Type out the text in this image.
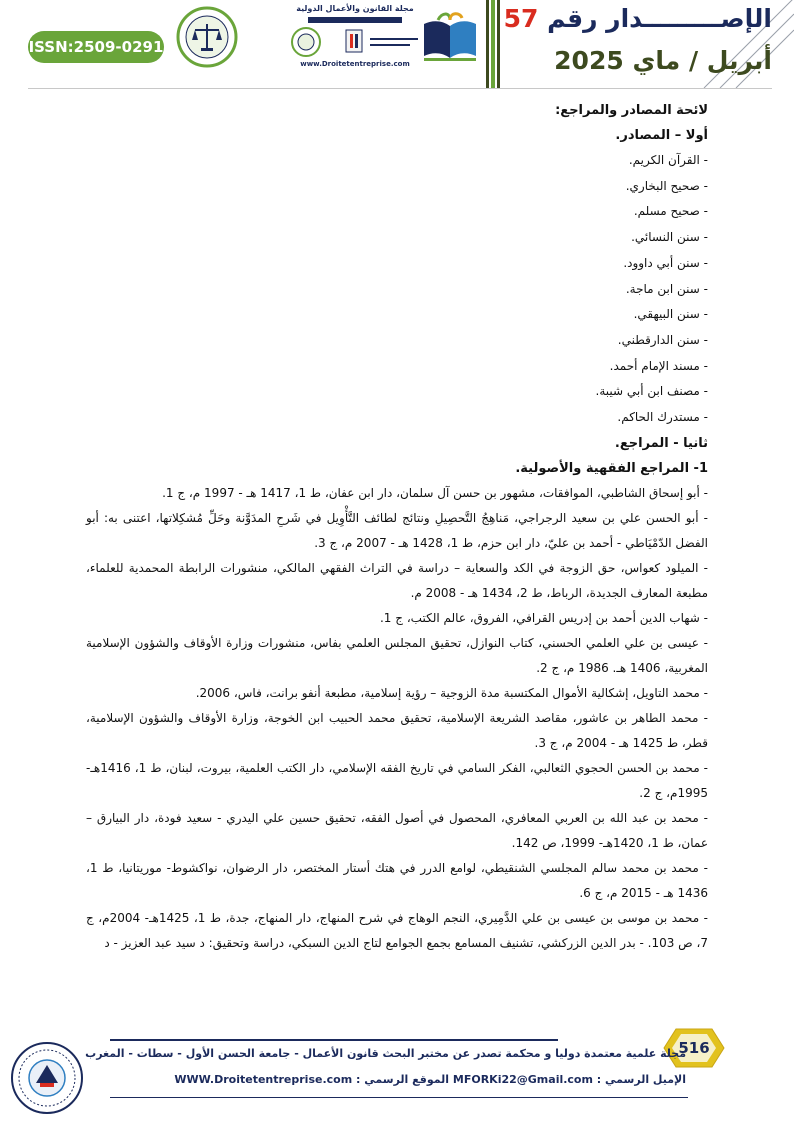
الإصـــــــــدار رقم 57
أبريل / ماي 2025
مجلة القانون والأعمال الدولية
www.Droitetentreprise.com
ISSN:2509-0291

لائحة المصادر والمراجع:

أولا – المصادر.

- القرآن الكريم.

- صحيح البخاري.

- صحيح مسلم.

- سنن النسائي.

- سنن أبي داوود.

- سنن ابن ماجة.

- سنن البيهقي.

- سنن الدارقطني.

- مسند الإمام أحمد.

- مصنف ابن أبي شيبة.

- مستدرك الحاكم.

ثانيا - المراجع.

1- المراجع الفقهية والأصولية.

- أبو إسحاق الشاطبي، الموافقات، مشهور بن حسن آل سلمان، دار ابن عفان، ط 1، 1417 هـ - 1997 م، ج 1.

- أبو الحسن علي بن سعيد الرجراجي، مَناهِجُ التَّحصِيلِ ونتائج لطائف التَّأْوِيل في شَرحِ المدَوَّنة وحَلِّ مُشكِلاتها، اعتنى به: أبو الفضل الدّمْيَاطي - أحمد بن عليّ، دار ابن حزم، ط 1، 1428 هـ - 2007 م، ج 3.

- الميلود كعواس، حق الزوجة في الكد والسعاية – دراسة في التراث الفقهي المالكي، منشورات الرابطة المحمدية للعلماء، مطبعة المعارف الجديدة، الرباط، ط 2، 1434 هـ - 2008 م.

- شهاب الدين أحمد بن إدريس القرافي، الفروق، عالم الكتب، ج 1.

- عيسى بن علي العلمي الحسني، كتاب النوازل، تحقيق المجلس العلمي بفاس، منشورات وزارة الأوقاف والشؤون الإسلامية المغربية، 1406 هـ. 1986 م، ج 2.

- محمد التاويل، إشكالية الأموال المكتسبة مدة الزوجية – رؤية إسلامية، مطبعة أنفو برانت، فاس، 2006.

- محمد الطاهر بن عاشور، مقاصد الشريعة الإسلامية، تحقيق محمد الحبيب ابن الخوجة، وزارة الأوقاف والشؤون الإسلامية، قطر، ط 1425 هـ - 2004 م، ج 3.

- محمد بن الحسن الحجوي الثعالبي، الفكر السامي في تاريخ الفقه الإسلامي، دار الكتب العلمية، بيروت، لبنان، ط 1، 1416هـ- 1995م، ج 2.

- محمد بن عبد الله بن العربي المعافري، المحصول في أصول الفقه، تحقيق حسين علي اليدري - سعيد فودة، دار البيارق – عمان، ط 1، 1420هـ- 1999، ص 142.

- محمد بن محمد سالم المجلسي الشنقيطي، لوامع الدرر في هتك أستار المختصر، دار الرضوان، نواكشوط- موريتانيا، ط 1، 1436 هـ - 2015 م، ج 6.

- محمد بن موسى بن عيسى بن علي الدَّمِيري، النجم الوهاج في شرح المنهاج، دار المنهاج، جدة، ط 1، 1425هـ- 2004م، ج 7، ص 103. - بدر الدين الزركشي، تشنيف المسامع بجمع الجوامع لتاج الدين السبكي، دراسة وتحقيق: د سيد عبد العزيز - د

516
مجلة علمية معتمدة دوليا و محكمة تصدر عن مختبر البحث قانون الأعمال - جامعة الحسن الأول - سطات - المغرب
الإميل الرسمي : MFORKi22@Gmail.com الموقع الرسمي : WWW.Droitetentreprise.com
